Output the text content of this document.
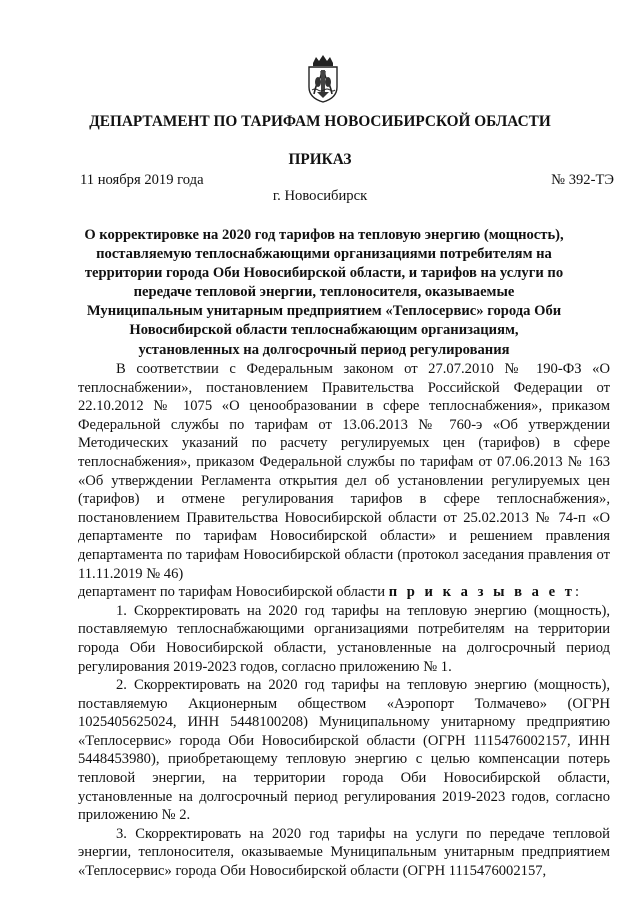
ДЕПАРТАМЕНТ ПО ТАРИФАМ НОВОСИБИРСКОЙ ОБЛАСТИ
ПРИКАЗ
11 ноября 2019 года	№ 392-ТЭ
г. Новосибирск
О корректировке на 2020 год тарифов на тепловую энергию (мощность), поставляемую теплоснабжающими организациями потребителям на территории города Оби Новосибирской области, и тарифов на услуги по передаче тепловой энергии, теплоносителя, оказываемые Муниципальным унитарным предприятием «Теплосервис» города Оби Новосибирской области теплоснабжающим организациям, установленных на долгосрочный период регулирования

В соответствии с Федеральным законом от 27.07.2010 № 190-ФЗ «О теплоснабжении», постановлением Правительства Российской Федерации от 22.10.2012 № 1075 «О ценообразовании в сфере теплоснабжения», приказом Федеральной службы по тарифам от 13.06.2013 № 760-э «Об утверждении Методических указаний по расчету регулируемых цен (тарифов) в сфере теплоснабжения», приказом Федеральной службы по тарифам от 07.06.2013 № 163 «Об утверждении Регламента открытия дел об установлении регулируемых цен (тарифов) и отмене регулирования тарифов в сфере теплоснабжения», постановлением Правительства Новосибирской области от 25.02.2013 № 74-п «О департаменте по тарифам Новосибирской области» и решением правления департамента по тарифам Новосибирской области (протокол заседания правления от 11.11.2019 № 46)

департамент по тарифам Новосибирской области п р и к а з ы в а е т:

1. Скорректировать на 2020 год тарифы на тепловую энергию (мощность), поставляемую теплоснабжающими организациями потребителям на территории города Оби Новосибирской области, установленные на долгосрочный период регулирования 2019-2023 годов, согласно приложению № 1.

2. Скорректировать на 2020 год тарифы на тепловую энергию (мощность), поставляемую Акционерным обществом «Аэропорт Толмачево» (ОГРН 1025405625024, ИНН 5448100208) Муниципальному унитарному предприятию «Теплосервис» города Оби Новосибирской области (ОГРН 1115476002157, ИНН 5448453980), приобретающему тепловую энергию с целью компенсации потерь тепловой энергии, на территории города Оби Новосибирской области, установленные на долгосрочный период регулирования 2019-2023 годов, согласно приложению № 2.

3. Скорректировать на 2020 год тарифы на услуги по передаче тепловой энергии, теплоносителя, оказываемые Муниципальным унитарным предприятием «Теплосервис» города Оби Новосибирской области (ОГРН 1115476002157,
